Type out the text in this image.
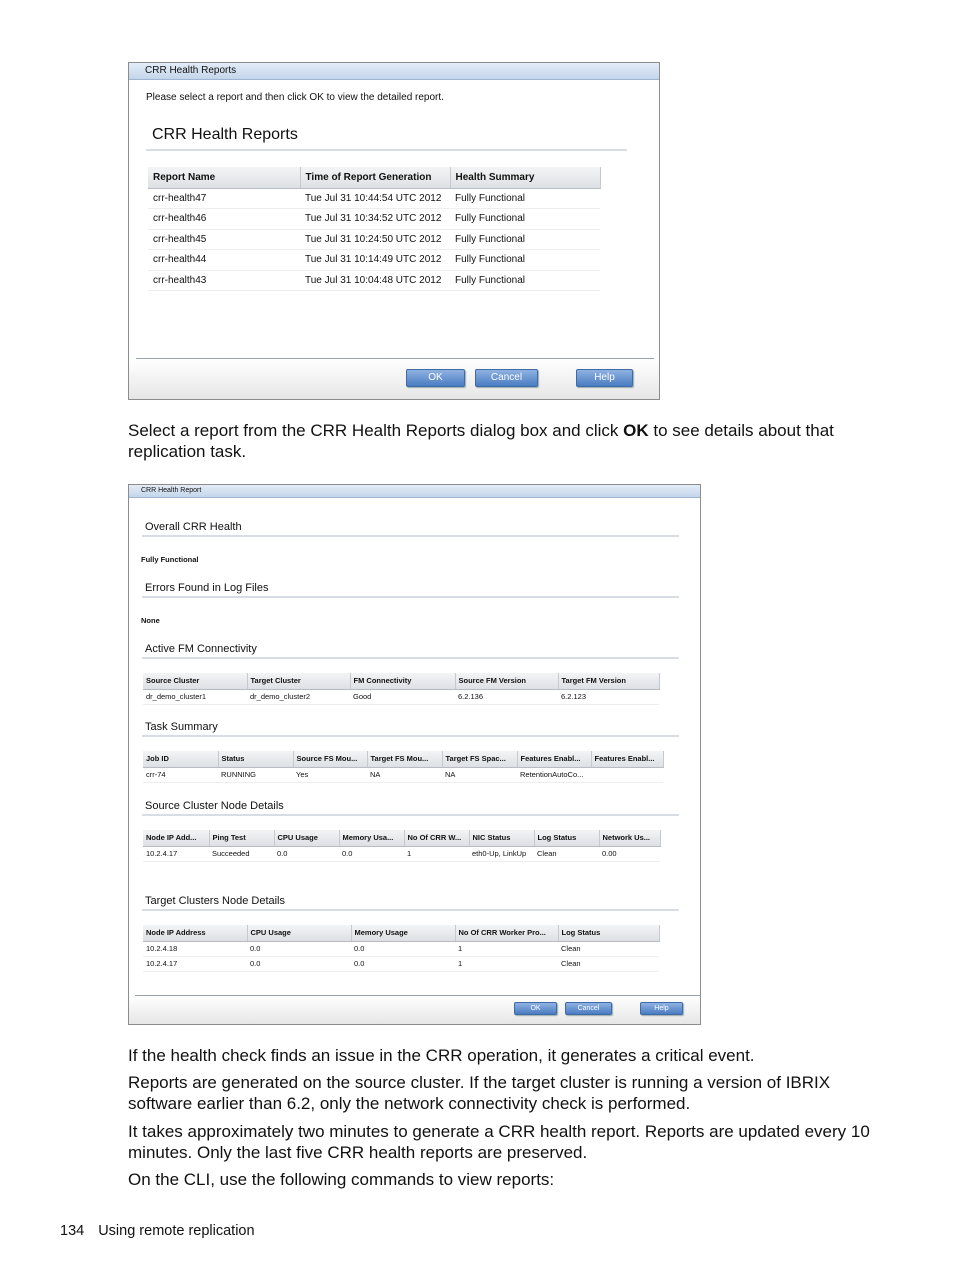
CRR Health Reports
Please select a report and then click OK to view the detailed report.
CRR Health Reports
Report Name	Time of Report Generation	Health Summary
crr-health47	Tue Jul 31 10:44:54 UTC 2012	Fully Functional
crr-health46	Tue Jul 31 10:34:52 UTC 2012	Fully Functional
crr-health45	Tue Jul 31 10:24:50 UTC 2012	Fully Functional
crr-health44	Tue Jul 31 10:14:49 UTC 2012	Fully Functional
crr-health43	Tue Jul 31 10:04:48 UTC 2012	Fully Functional
OK	Cancel	Help
Select a report from the CRR Health Reports dialog box and click OK to see details about that replication task.
CRR Health Report
Overall CRR Health
Fully Functional
Errors Found in Log Files
None
Active FM Connectivity
Source Cluster	Target Cluster	FM Connectivity	Source FM Version	Target FM Version
dr_demo_cluster1	dr_demo_cluster2	Good	6.2.136	6.2.123
Task Summary
Job ID	Status	Source FS Mou...	Target FS Mou...	Target FS Spac...	Features Enabl...	Features Enabl...
crr-74	RUNNING	Yes	NA	NA	RetentionAutoCo...	
Source Cluster Node Details
Node IP Add...	Ping Test	CPU Usage	Memory Usa...	No Of CRR W...	NIC Status	Log Status	Network Us...
10.2.4.17	Succeeded	0.0	0.0	1	eth0-Up, LinkUp	Clean	0.00
Target Clusters Node Details
Node IP Address	CPU Usage	Memory Usage	No Of CRR Worker Pro...	Log Status
10.2.4.18	0.0	0.0	1	Clean
10.2.4.17	0.0	0.0	1	Clean
OK	Cancel	Help
If the health check finds an issue in the CRR operation, it generates a critical event.
Reports are generated on the source cluster. If the target cluster is running a version of IBRIX software earlier than 6.2, only the network connectivity check is performed.
It takes approximately two minutes to generate a CRR health report. Reports are updated every 10 minutes. Only the last five CRR health reports are preserved.
On the CLI, use the following commands to view reports:
134 Using remote replication
